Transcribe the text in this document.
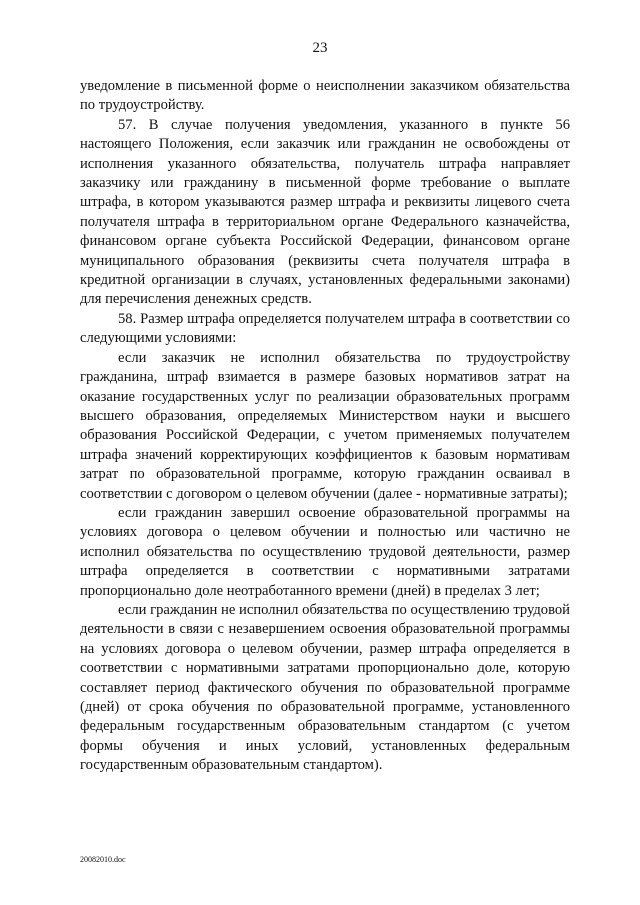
23

уведомление в письменной форме о неисполнении заказчиком обязательства по трудоустройству.

57. В случае получения уведомления, указанного в пункте 56 настоящего Положения, если заказчик или гражданин не освобождены от исполнения указанного обязательства, получатель штрафа направляет заказчику или гражданину в письменной форме требование о выплате штрафа, в котором указываются размер штрафа и реквизиты лицевого счета получателя штрафа в территориальном органе Федерального казначейства, финансовом органе субъекта Российской Федерации, финансовом органе муниципального образования (реквизиты счета получателя штрафа в кредитной организации в случаях, установленных федеральными законами) для перечисления денежных средств.

58. Размер штрафа определяется получателем штрафа в соответствии со следующими условиями:

если заказчик не исполнил обязательства по трудоустройству гражданина, штраф взимается в размере базовых нормативов затрат на оказание государственных услуг по реализации образовательных программ высшего образования, определяемых Министерством науки и высшего образования Российской Федерации, с учетом применяемых получателем штрафа значений корректирующих коэффициентов к базовым нормативам затрат по образовательной программе, которую гражданин осваивал в соответствии с договором о целевом обучении (далее - нормативные затраты);

если гражданин завершил освоение образовательной программы на условиях договора о целевом обучении и полностью или частично не исполнил обязательства по осуществлению трудовой деятельности, размер штрафа определяется в соответствии с нормативными затратами пропорционально доле неотработанного времени (дней) в пределах 3 лет;

если гражданин не исполнил обязательства по осуществлению трудовой деятельности в связи с незавершением освоения образовательной программы на условиях договора о целевом обучении, размер штрафа определяется в соответствии с нормативными затратами пропорционально доле, которую составляет период фактического обучения по образовательной программе (дней) от срока обучения по образовательной программе, установленного федеральным государственным образовательным стандартом (с учетом формы обучения и иных условий, установленных федеральным государственным образовательным стандартом).

20082010.doc
